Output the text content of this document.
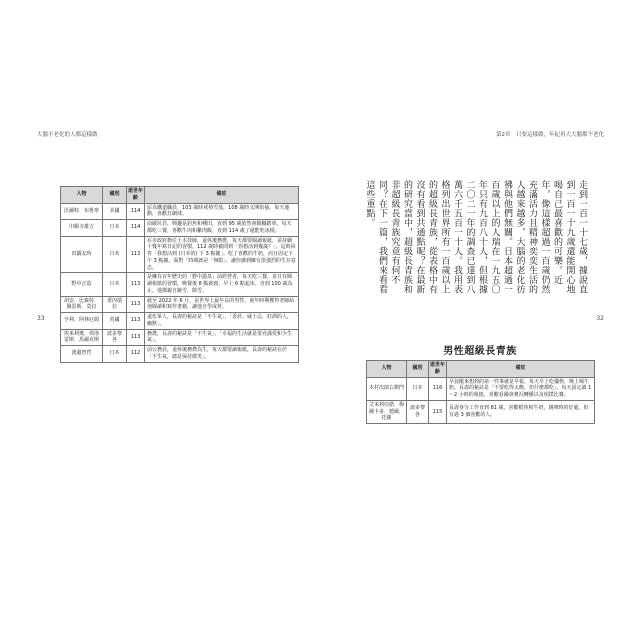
大腦不老化的人都這樣做
人物	國別	逝世年齡	備註
沃爾特．布魯寧	美國	114	原為鐵道職員，103 歲時戒掉雪茄，108 歲時又開始抽。每天運動，喜歡打網球。
中願寺雄吉	日本	114	前碳坑員，興趣是釣魚和種田，直到 95 歲依然會騎腳踏車。每天都吃三餐，喜歡牛肉和雞肉飯，直到 114 歲了還能吃冰棍。
田鍋友時	日本	113	在市政府擔任土木技師，退休後務農，每天都要閱讀報紙，並持續十幾年寫日記的習慣。112 歲時被問到「你想活到幾歲？」，這時回答「我想活到 (日本的) 下 3 點鐘」。吃了喜歡的牛奶，而且固定下午 3 點鐘。面對「時間就是「無限」，讓你感到擁有很強烈的生存意志。
野中正造	日本	113	是擁有百年歷史的「野中溫泉」前經營者，每天吃三餐，並且有閱讀報紙的習慣，晚餐後 8 點就寢，早上 6 點起床。直到 100 歲為止，他都親自鏟雪、除雪。
胡安．比森特．佩雷斯．莫拉	委內瑞拉	113	截至 2022 年 6 月，是世界上最年長的男性，童年時期獲得老師給他閱讀和寫作書籍，讓他自學成材。
亨利．阿林厄姆	英國	113	退伍軍人，長壽的秘訣是「不生氣」、「香菸、威士忌，好酒的人，幽默」。
埃米利奧．弗洛雷斯．馬爾克斯	波多黎各	113	務農，長壽的秘訣是「不生氣」、「幸福的生活就是要充滿愛和少生氣」。
渡邊智哲	日本	112	前公務員，退休後務農為生，每天都要讀報紙，長壽的秘訣在於「不生氣，總是保持微笑」。
33
第2章　只要這樣做，年紀再大大腦都不老化
32
走到一百一十七歲，據說直到一百一十九歲還能開心地喝自己最喜歡的可樂。近年，像這樣超過一百歲仍然充滿活力且精神奕奕生活的人越來越多，大腦的老化彷彿與他們無關。日本超過一百歲以上的人瑞在一九五〇年只有九百八十人，但根據二〇二一年的調查已達到八萬六千五百一十人。我用表格列出世界所有一百歲以上的超級長青族，從表格中有沒有看到共通點呢？在最新的研究當中，超級長青族和非超級長青族究竟有何不同？在下一篇，我們來看看這些重點。
男性超級長青族
人物	國別	逝世年齡	備註
木村次郎右衛門	日本	116	早晨醒來想到的第一件事就是早報。每天早上吃優格，晚上喝牛奶。長壽的秘訣是「不要吃得太飽，但什麼都吃」。每天固定讀 1～2 小時的報紙，喜歡看國會實況轉播以及相撲比賽。
艾米利亞諾．梅爾卡多．德爾．托羅	波多黎各	115	長壽身分工作直到 81 歲，喜歡鱈魚和牛奶，親吻時的好處，但有過 3 個喜歡的人。
